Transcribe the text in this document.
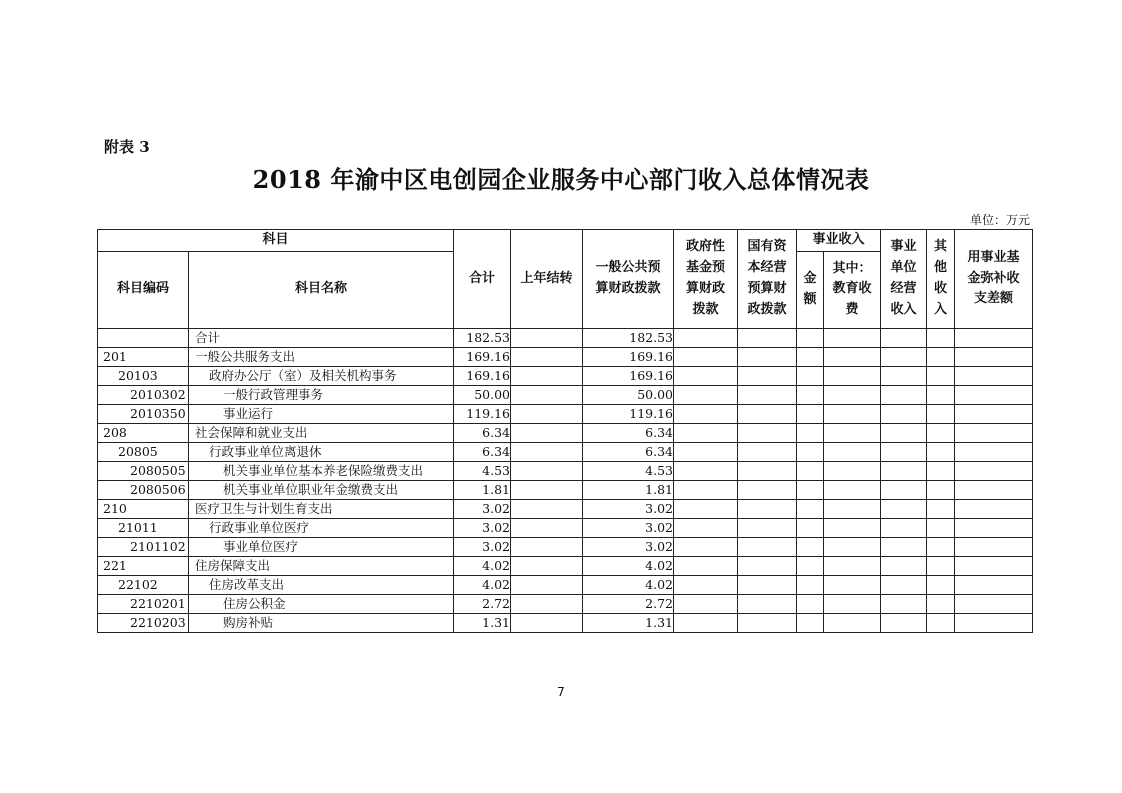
附表 3
2018 年渝中区电创园企业服务中心部门收入总体情况表
单位：万元
科目		合计	上年结转	一般公共预算财政拨款	政府性基金预算财政拨款	国有资本经营预算财政拨款	事业收入		事业单位经营收入	其他收入	用事业基金弥补收支差额
科目编码	科目名称						金额	其中：教育收费			
	合计	182.53		182.53							
201	一般公共服务支出	169.16		169.16							
20103	政府办公厅（室）及相关机构事务	169.16		169.16							
2010302	一般行政管理事务	50.00		50.00							
2010350	事业运行	119.16		119.16							
208	社会保障和就业支出	6.34		6.34							
20805	行政事业单位离退休	6.34		6.34							
2080505	机关事业单位基本养老保险缴费支出	4.53		4.53							
2080506	机关事业单位职业年金缴费支出	1.81		1.81							
210	医疗卫生与计划生育支出	3.02		3.02							
21011	行政事业单位医疗	3.02		3.02							
2101102	事业单位医疗	3.02		3.02							
221	住房保障支出	4.02		4.02							
22102	住房改革支出	4.02		4.02							
2210201	住房公积金	2.72		2.72							
2210203	购房补贴	1.31		1.31							
7
